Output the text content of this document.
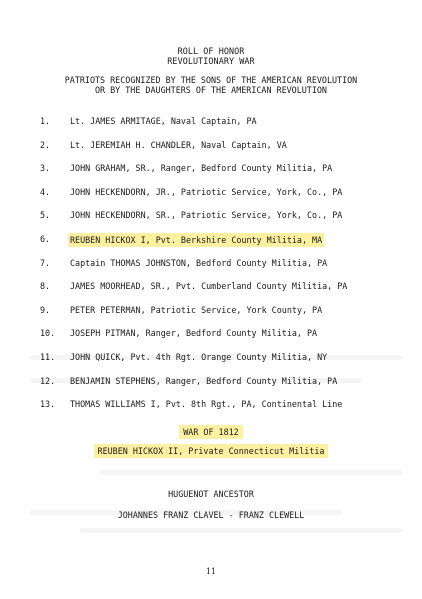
ROLL OF HONOR
REVOLUTIONARY WAR
PATRIOTS RECOGNIZED BY THE SONS OF THE AMERICAN REVOLUTION
OR BY THE DAUGHTERS OF THE AMERICAN REVOLUTION
1.	Lt. JAMES ARMITAGE, Naval Captain, PA
2.	Lt. JEREMIAH H. CHANDLER, Naval Captain, VA
3.	JOHN GRAHAM, SR., Ranger, Bedford County Militia, PA
4.	JOHN HECKENDORN, JR., Patriotic Service, York, Co., PA
5.	JOHN HECKENDORN, SR., Patriotic Service, York, Co., PA
6.	REUBEN HICKOX I, Pvt. Berkshire County Militia, MA
7.	Captain THOMAS JOHNSTON, Bedford County Militia, PA
8.	JAMES MOORHEAD, SR., Pvt. Cumberland County Militia, PA
9.	PETER PETERMAN, Patriotic Service, York County, PA
10.	JOSEPH PITMAN, Ranger, Bedford County Militia, PA
11.	JOHN QUICK, Pvt. 4th Rgt. Orange County Militia, NY
12.	BENJAMIN STEPHENS, Ranger, Bedford County Militia, PA
13.	THOMAS WILLIAMS I, Pvt. 8th Rgt., PA, Continental Line
WAR OF 1812
REUBEN HICKOX II, Private Connecticut Militia
HUGUENOT ANCESTOR
JOHANNES FRANZ CLAVEL - FRANZ CLEWELL
11
